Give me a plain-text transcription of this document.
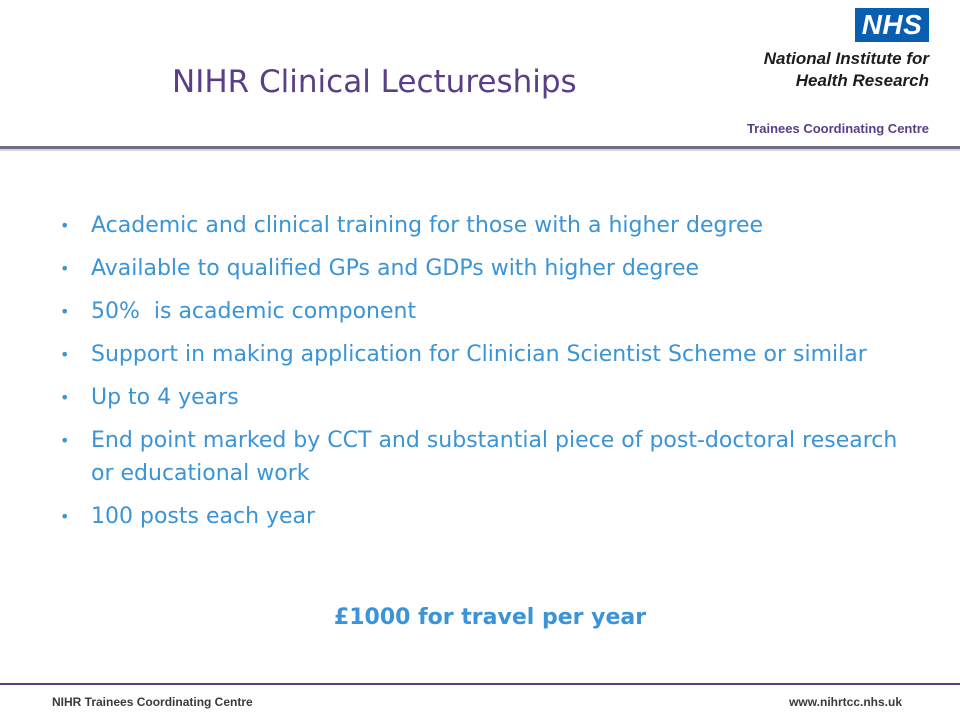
NIHR Clinical Lectureships
NHS
National Institute for
Health Research
Trainees Coordinating Centre
• Academic and clinical training for those with a higher degree
• Available to qualified GPs and GDPs with higher degree
• 50%  is academic component
• Support in making application for Clinician Scientist Scheme or similar
• Up to 4 years
• End point marked by CCT and substantial piece of post-doctoral research or educational work
• 100 posts each year

£1000 for travel per year

NIHR Trainees Coordinating Centre	www.nihrtcc.nhs.uk
